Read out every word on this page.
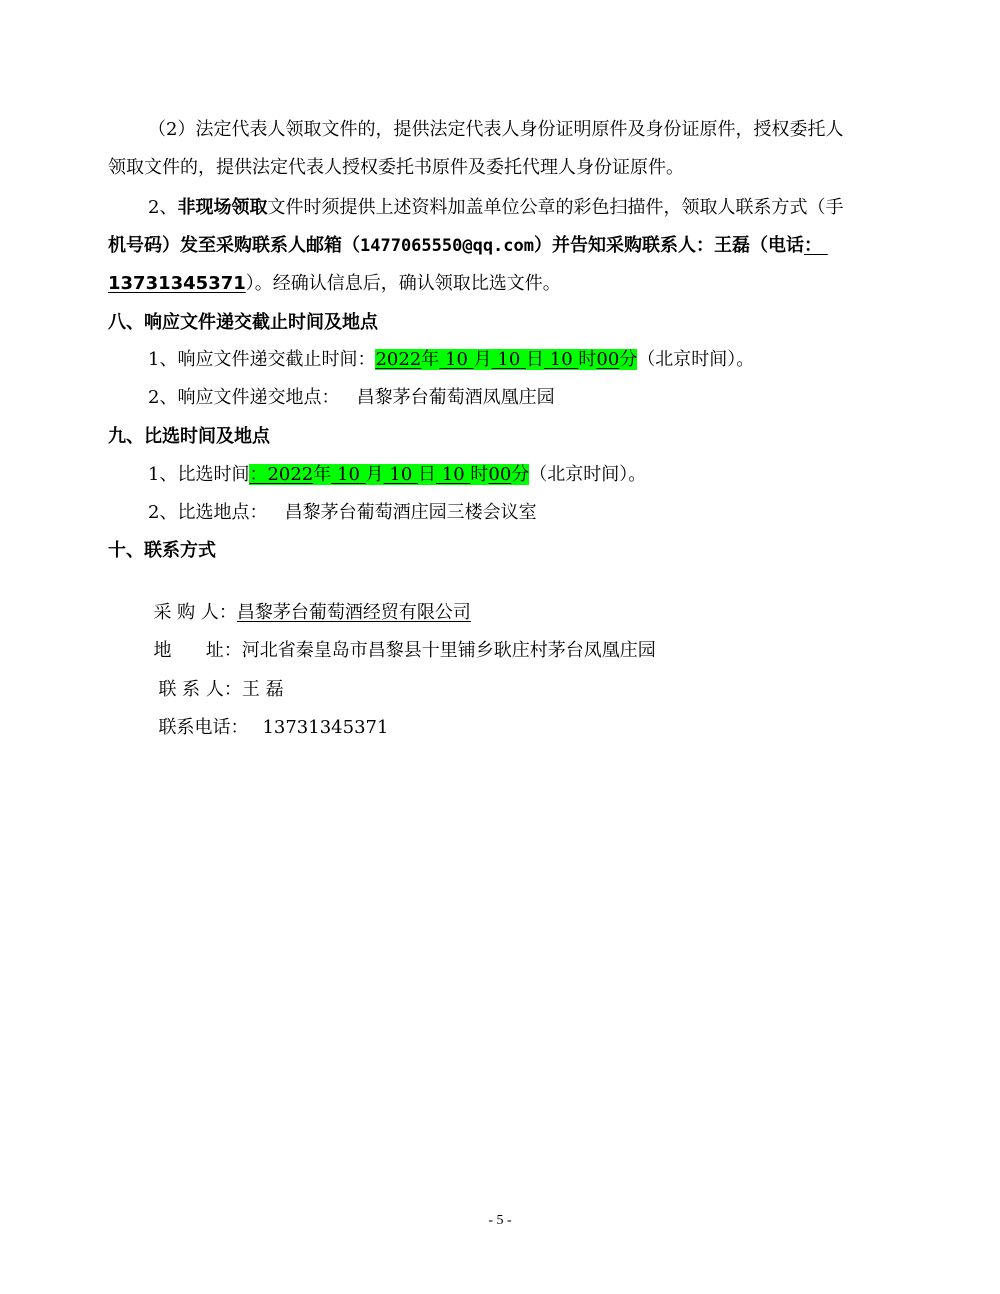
（2）法定代表人领取文件的，提供法定代表人身份证明原件及身份证原件，授权委托人
领取文件的，提供法定代表人授权委托书原件及委托代理人身份证原件。
2、非现场领取文件时须提供上述资料加盖单位公章的彩色扫描件，领取人联系方式（手
机号码）发至采购联系人邮箱（1477065550@qq.com）并告知采购联系人：王磊（电话：
13731345371）。经确认信息后，确认领取比选文件。
八、响应文件递交截止时间及地点
1、响应文件递交截止时间：2022年 10 月 10 日 10 时00分（北京时间）。
2、响应文件递交地点：   昌黎茅台葡萄酒凤凰庄园
九、比选时间及地点
1、比选时间：2022年 10 月 10 日 10 时00分（北京时间）。
2、比选地点：   昌黎茅台葡萄酒庄园三楼会议室
十、联系方式

采 购 人：昌黎茅台葡萄酒经贸有限公司

地      址：河北省秦皇岛市昌黎县十里铺乡耿庄村茅台凤凰庄园

联 系 人：王 磊

联系电话： 13731345371

- 5 -
